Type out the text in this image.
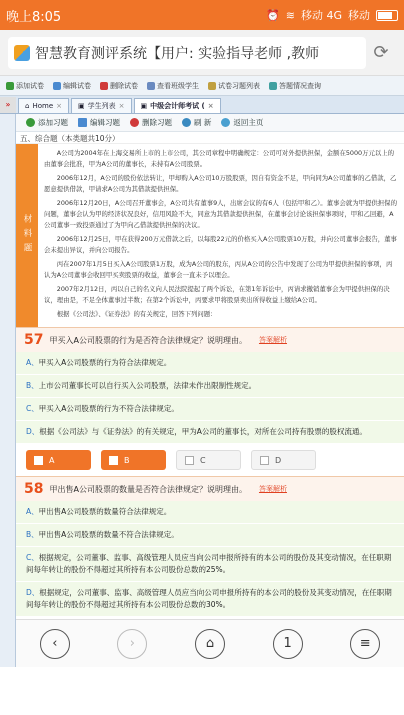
晚上8:05	⏰ ≋ 移动 4G 移动
智慧教育测评系统【用户: 实验指导老师 ,教师	⟳
添加试卷	编辑试卷	删除试卷	查看班级学生	试卷习题列表	答题情况查询
»	⌂ Home × ▣ 学生列表 × ▣ 中级会计师考试 ( ×
添加习题	编辑习题	删除习题	刷 新	返回主页
五、综合题（本类题共10分）
材料题

A公司为2004年在上海交易所上市的上市公司，其公司章程中明确规定：公司可对外提供担保，金额在5000万元以上的由董事会批准，甲为A公司的董事长，未持有A公司股票。

2006年12月，A公司的股份依法转让，甲却购入A公司10万股股票，因自有资金不足，甲向同为A公司董事的乙借款，乙愿意提供借款，甲请求A公司为其借款提供担保。

2006年12月20日，A公司召开董事会，A公司共有董事9人，出席会议的有6人（包括甲和乙）。董事会就为甲提供担保的问题，董事会认为甲的经济状况良好，信用风险不大，同意为其借款提供担保，在董事会讨论该担保事项时，甲和乙回避，A公司董事一致投票通过了为甲向乙借款提供担保的决议。

2006年12月25日，甲在获得200万元借款之后，以每股22元的价格买入A公司股票10万股，并向公司董事会报告，董事会未提出异议，并向公司报告。

丙在2007年1月5日买入A公司股票1万股，成为A公司的股东，丙从A公司的公告中发现了公司为甲提供担保的事项，丙认为A公司董事会收回甲买卖股票的收益，董事会一直未予以理会。

2007年2月12日，丙以自己的名义向人民法院提起了两个诉讼，在第1年诉讼中，丙请求撤销董事会为甲提供担保的决议，理由是，不足全体董事过半数；在第2个诉讼中，丙要求甲将股票卖出所得收益上缴给A公司。

根据《公司法》、《证券法》的有关规定，回答下列问题：

57 甲买入A公司股票的行为是否符合法律规定？说明理由。 答案解析
A、甲买入A公司股票的行为符合法律规定。
B、上市公司董事长可以自行买入公司股票，法律未作出限制性规定。
C、甲买入A公司股票的行为不符合法律规定。
D、根据《公司法》与《证券法》的有关规定，甲为A公司的董事长，对所在公司持有股票的股权流通。
A	B	C	D
58 甲出售A公司股票的数量是否符合法律规定？说明理由。 答案解析
A、甲出售A公司股票的数量符合法律规定。
B、甲出售A公司股票的数量不符合法律规定。
C、根据规定，公司董事、监事、高级管理人员应当向公司申报所持有的本公司的股份及其变动情况，在任职期间每年转让的股份不得超过其所持有本公司股份总数的25%。
D、根据规定，公司董事、监事、高级管理人员应当向公司申报所持有的本公司的股份及其变动情况，在任职期间每年转让的股份不得超过其所持有本公司股份总数的30%。
‹	›	⌂	1	≡
